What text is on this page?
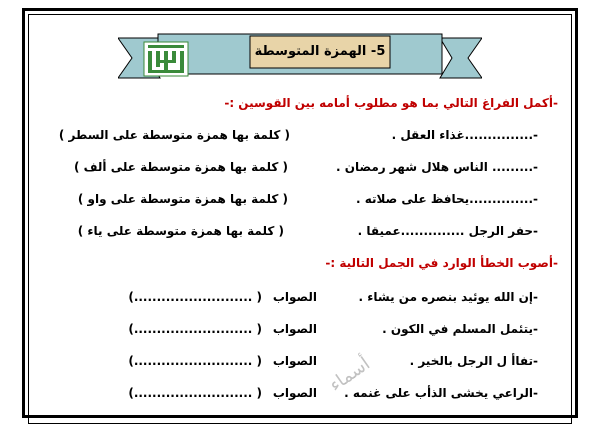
5- الهمزة المتوسطة
-أكمل الفراغ التالي بما هو مطلوب أمامه بين القوسين :-
-...............غذاء العقل .
( كلمة بها همزة متوسطة على السطر )
-......... الناس هلال شهر رمضان .
( كلمة بها همزة متوسطة على ألف )
-..............يحافظ على صلاته .
( كلمة بها همزة متوسطة على واو )
-حفر الرجل ..............عميقا .
( كلمة بها همزة متوسطة على ياء )
-أصوب الخطأ الوارد في الجمل التالية :-
-إن الله يوئيد بنصره من يشاء .
الصواب
( ..........................)
-يتئمل المسلم في الكون .
الصواب
( ..........................)
-تفاأ ل الرجل بالخير .
الصواب
( ..........................)
-الراعي يخشى الذأب على غنمه .
الصواب
( ..........................)	أسماء
